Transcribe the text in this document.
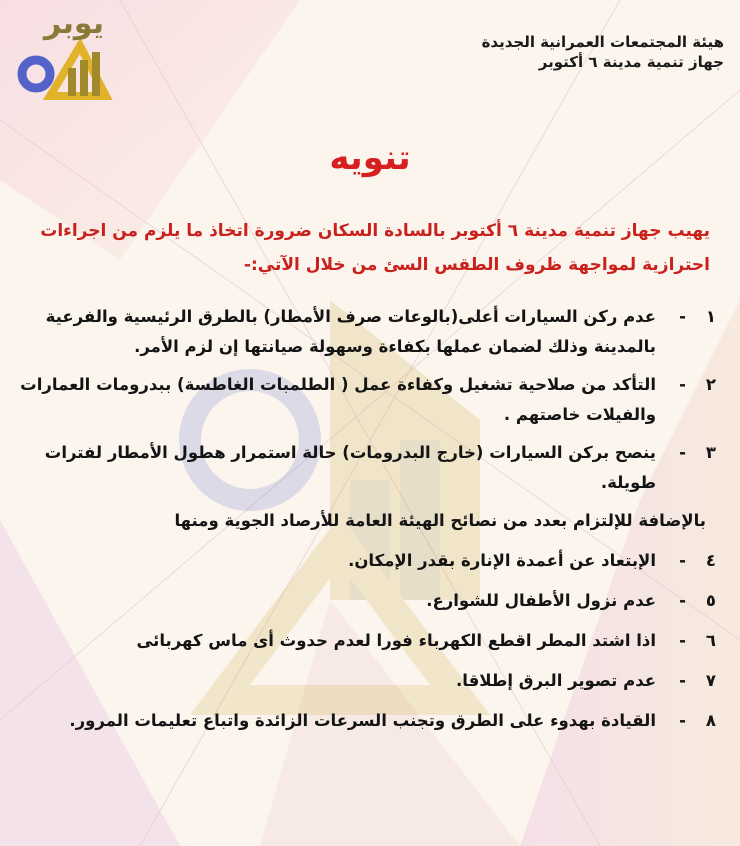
يوبر
هيئة المجتمعات العمرانية الجديدة
جهاز تنمية مدينة ٦ أكتوبر
تنويه
يهيب جهاز تنمية مدينة ٦ أكتوبر بالسادة السكان ضرورة اتخاذ ما يلزم من اجراءات احترازية لمواجهة ظروف الطقس السئ من خلال الآتي:-
١
-
عدم ركن السيارات أعلى(بالوعات صرف الأمطار) بالطرق الرئيسية والفرعية بالمدينة وذلك لضمان عملها بكفاءة وسهولة صيانتها إن لزم الأمر.
٢
-
التأكد من صلاحية تشغيل وكفاءة عمل ( الطلمبات الغاطسة) ببدرومات العمارات والفيلات خاصتهم .
٣
-
ينصح بركن السيارات (خارج البدرومات) حالة استمرار هطول الأمطار لفترات طويلة.
بالإضافة للإلتزام بعدد من نصائح الهيئة العامة للأرصاد الجوية ومنها
٤
-
الإبتعاد عن أعمدة الإنارة بقدر الإمكان.
٥
-
عدم نزول الأطفال للشوارع.
٦
-
اذا اشتد المطر اقطع الكهرباء فورا لعدم حدوث أى ماس كهربائى
٧
-
عدم تصوير البرق إطلاقا.
٨
-
القيادة بهدوء على الطرق وتجنب السرعات الزائدة واتباع تعليمات المرور.
